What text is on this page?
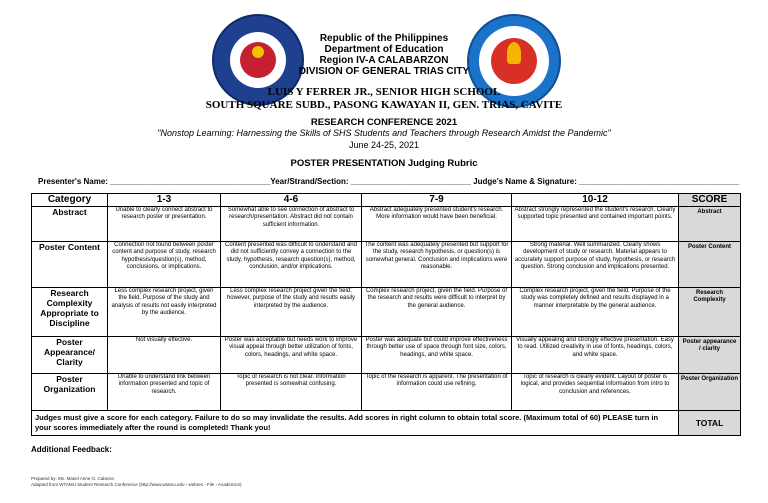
Republic of the Philippines
Department of Education
Region IV-A CALABARZON
DIVISION OF GENERAL TRIAS CITY
LUIS Y FERRER JR., SENIOR HIGH SCHOOL
SOUTH SQUARE SUBD., PASONG KAWAYAN II, GEN. TRIAS, CAVITE
RESEARCH CONFERENCE 2021
"Nonstop Learning: Harnessing the Skills of SHS Students and Teachers through Research Amidst the Pandemic"
June 24-25, 2021
POSTER PRESENTATION Judging Rubric
Presenter's Name: ____________________________________Year/Strand/Section: ___________________________ Judge's Name & Signature: ____________________________________
Category	1-3	4-6	7-9	10-12	SCORE
Abstract	Unable to clearly connect abstract to research poster or presentation.	Somewhat able to see connection of abstract to research/presentation. Abstract did not contain sufficient information.	Abstract adequately presented student's research. More information would have been beneficial.	Abstract strongly represented the student's research. Clearly supported topic presented and contained important points.	Abstract
Poster Content	Connection not found between poster content and purpose of study, research hypothesis/question(s), method, conclusions, or implications.	Content presented was difficult to understand and did not sufficiently convey a connection to the study, hypothesis, research question(s), method, conclusion, and/or implications.	The content was adequately presented but support for the study, research hypothesis, or question(s) is somewhat general. Conclusion and implications were reasonable.	Strong material. Well summarized. Clearly shows development of study or research. Material appears to accurately support purpose of study, hypothesis, or research question. Strong conclusion and implications presented.	Poster Content
Research Complexity Appropriate to Discipline	Less complex research project, given the field. Purpose of the study and analysis of results not easily interpreted by the audience.	Less complex research project given the field; however, purpose of the study and results easily interpreted by the audience.	Complex research project, given the field. Purpose of the research and results were difficult to interpret by the general audience.	Complex research project, given the field. Purpose of the study was completely defined and results displayed in a manner interpretable by the general audience.	Research Complexity
Poster Appearance/ Clarity	Not visually effective.	Poster was acceptable but needs work to improve visual appeal through better utilization of fonts, colors, headings, and white space.	Poster was adequate but could improve effectiveness through better use of space through font size, colors, headings, and white space.	Visually appealing and strongly effective presentation. Easy to read. Utilized creativity in use of fonts, headings, colors, and white space.	Poster appearance / clarity
Poster Organization	Unable to understand link between information presented and topic of research.	Topic of research is not clear. Information presented is somewhat confusing.	Topic of the research is apparent. The presentation of information could use refining.	Topic of research is clearly evident. Layout of poster is logical, and provides sequential information from intro to conclusion and references.	Poster Organization
Judges must give a score for each category. Failure to do so may invalidate the results. Add scores in right column to obtain total score. (Maximum total of 60) PLEASE turn in your scores immediately after the round is completed! Thank you!					TOTAL
Additional Feedback:
Prepared by: Ms. Mariel Anne O. Cabrera
Adapted from WTAMU Student Research Conference (http://www.wtamu.edu › webres › File › Academics)
